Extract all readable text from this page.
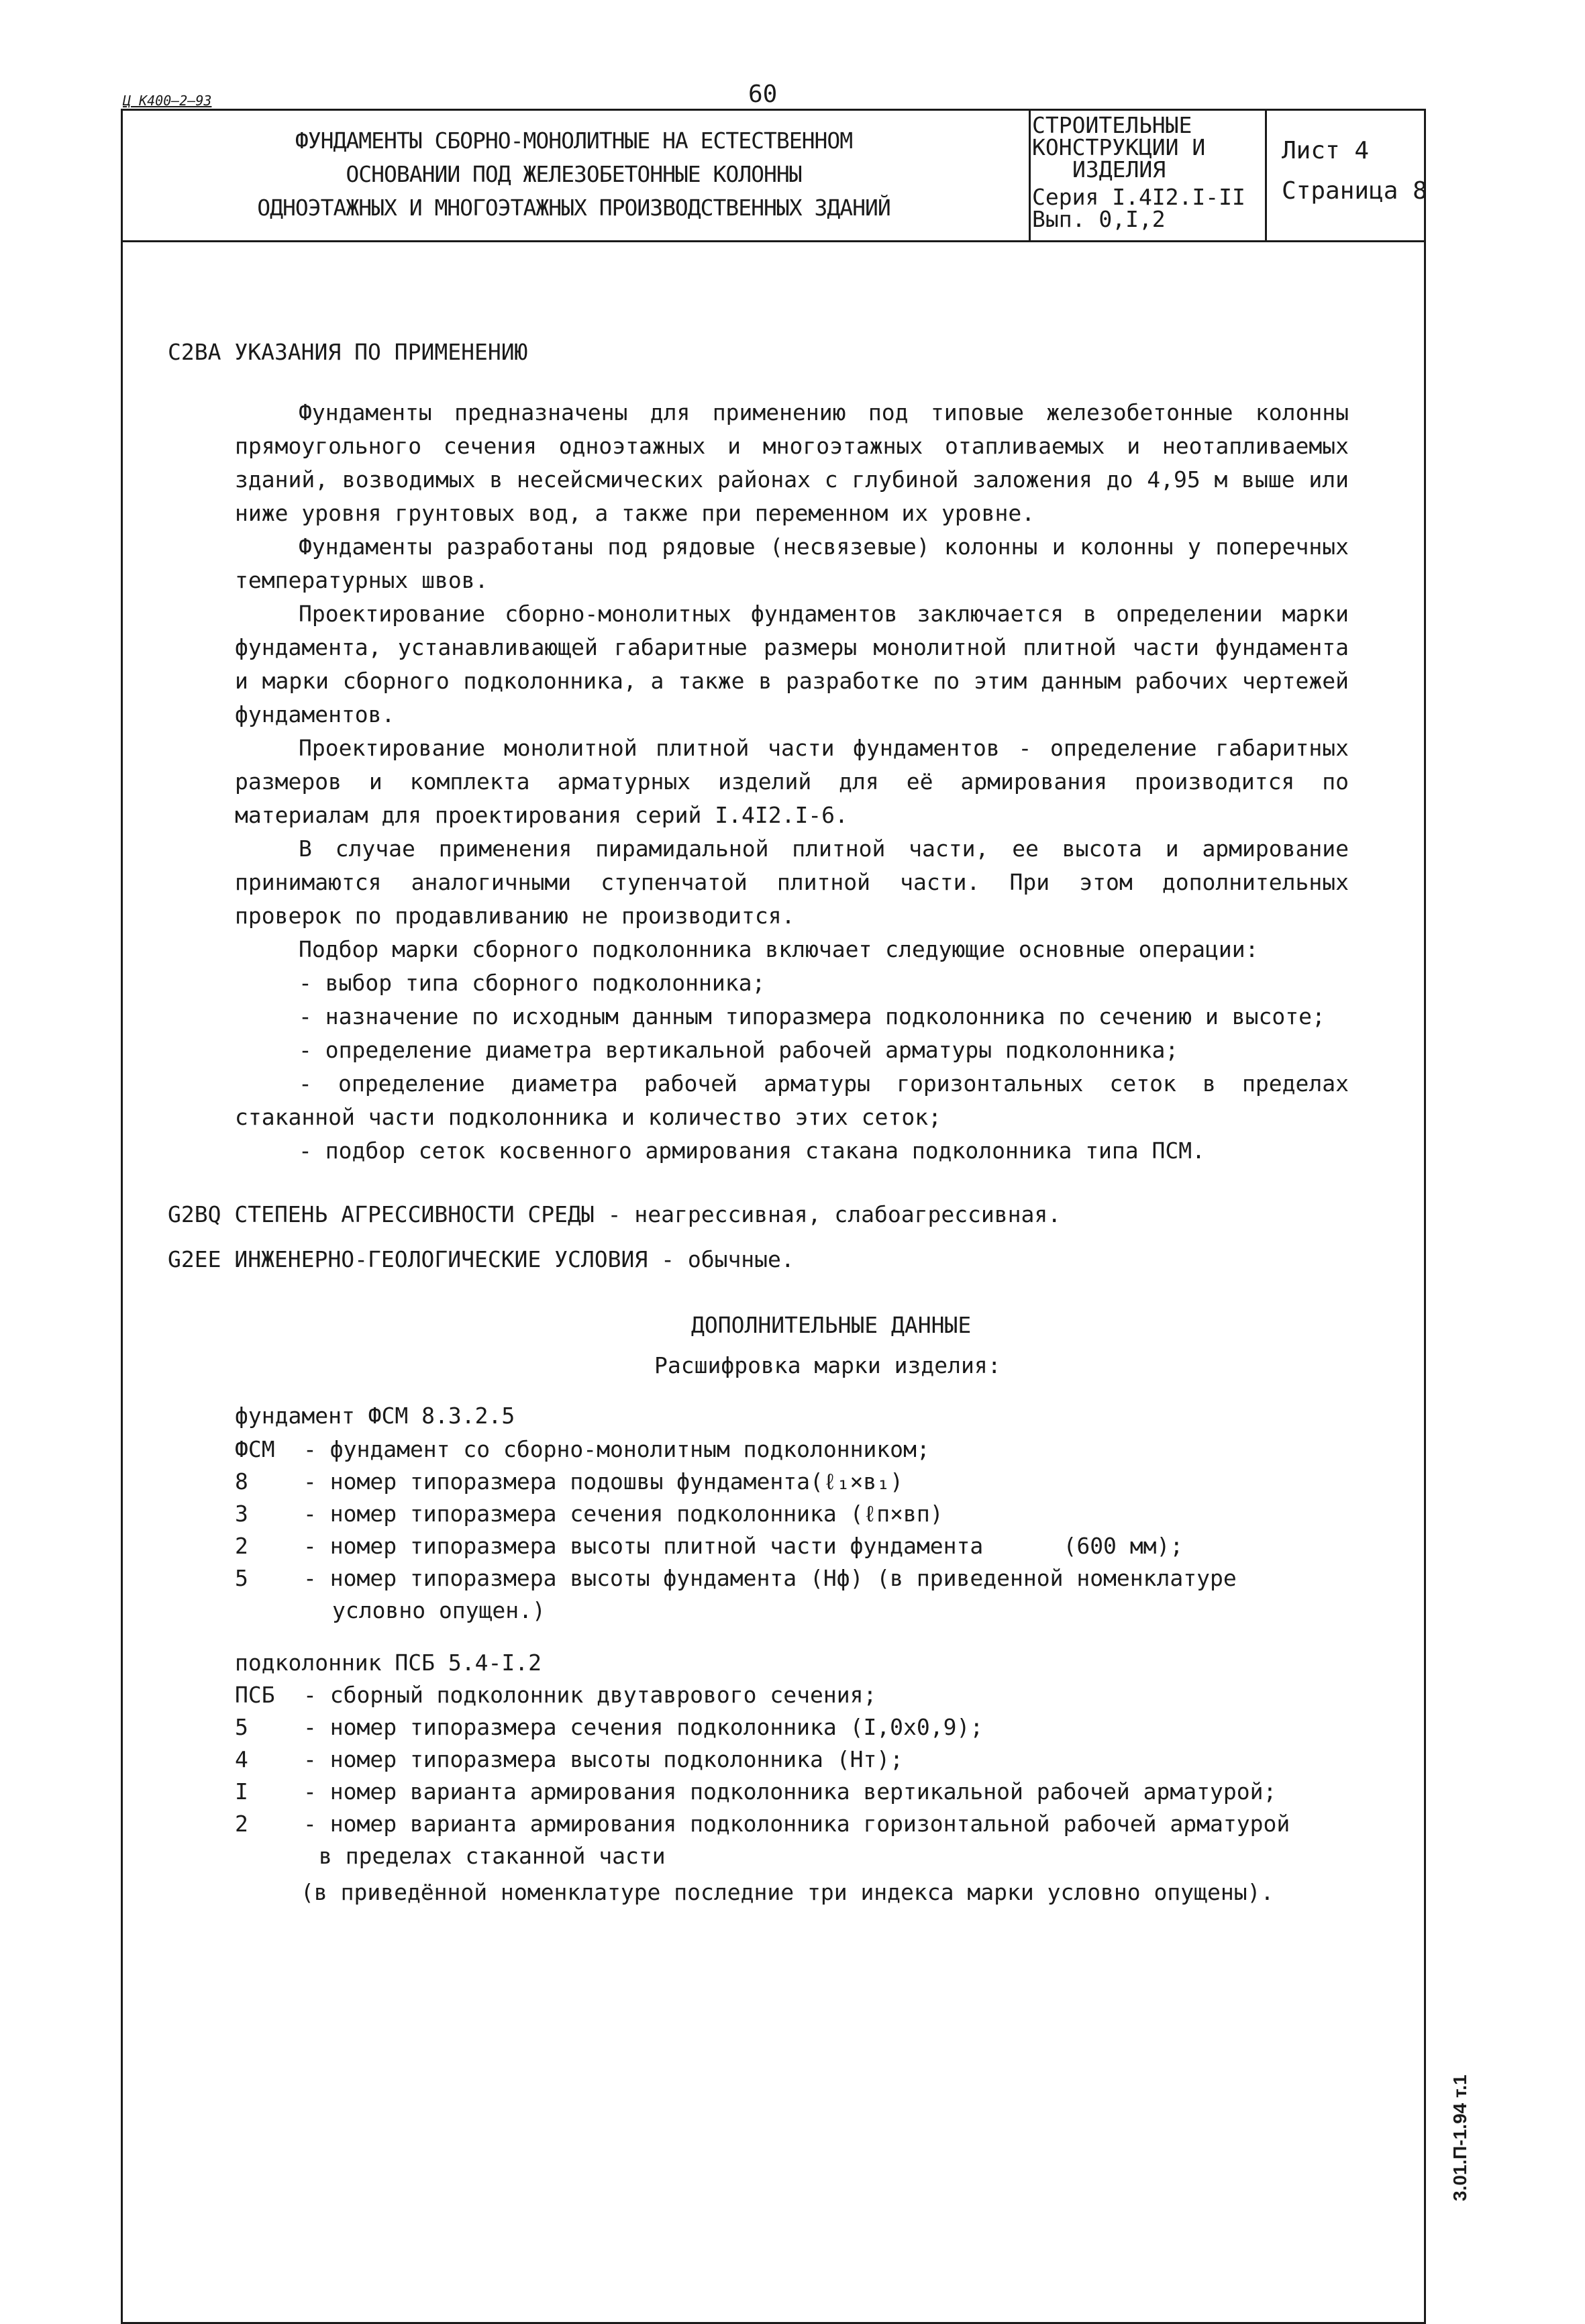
Ц К400—2—93	60
ФУНДАМЕНТЫ СБОРНО-МОНОЛИТНЫЕ НА ЕСТЕСТВЕННОМ
ОСНОВАНИИ ПОД ЖЕЛЕЗОБЕТОННЫЕ КОЛОННЫ
ОДНОЭТАЖНЫХ И МНОГОЭТАЖНЫХ ПРОИЗВОДСТВЕННЫХ ЗДАНИЙ
СТРОИТЕЛЬНЫЕ
КОНСТРУКЦИИ И
ИЗДЕЛИЯ
Серия I.4I2.I-II
Вып. 0,I,2
Лист 4
Страница 8
C2BA УКАЗАНИЯ ПО ПРИМЕНЕНИЮ

Фундаменты предназначены для применению под типовые железобетонные колонны прямоугольного сечения одноэтажных и многоэтажных отапливаемых и неотапливаемых зданий, возводимых в несейсмических районах с глубиной заложения до 4,95 м выше или ниже уровня грунтовых вод, а также при переменном их уровне.

Фундаменты разработаны под рядовые (несвязевые) колонны и колонны у поперечных температурных швов.

Проектирование сборно-монолитных фундаментов заключается в определении марки фундамента, устанавливающей габаритные размеры монолитной плитной части фундамента и марки сборного подколонника, а также в разработке по этим данным рабочих чертежей фундаментов.

Проектирование монолитной плитной части фундаментов - определение габаритных размеров и комплекта арматурных изделий для её армирования производится по материалам для проектирования серий I.4I2.I-6.

В случае применения пирамидальной плитной части, ее высота и армирование принимаются аналогичными ступенчатой плитной части. При этом дополнительных проверок по продавливанию не производится.

Подбор марки сборного подколонника включает следующие основные операции:

- выбор типа сборного подколонника;

- назначение по исходным данным типоразмера подколонника по сечению и высоте;

- определение диаметра вертикальной рабочей арматуры подколонника;

- определение диаметра рабочей арматуры горизонтальных сеток в пределах стаканной части подколонника и количество этих сеток;

- подбор сеток косвенного армирования стакана подколонника типа ПСМ.

G2BQ СТЕПЕНЬ АГРЕССИВНОСТИ СРЕДЫ - неагрессивная, слабоагрессивная.
G2EE ИНЖЕНЕРНО-ГЕОЛОГИЧЕСКИЕ УСЛОВИЯ - обычные.
ДОПОЛНИТЕЛЬНЫЕ ДАННЫЕ
Расшифровка марки изделия:
фундамент ФСМ 8.3.2.5
ФСМ - фундамент со сборно-монолитным подколонником;
8 - номер типоразмера подошвы фундамента(ℓ₁×в₁)
3 - номер типоразмера сечения подколонника (ℓп×вп)
2 - номер типоразмера высоты плитной части фундамента      (600 мм);
5 - номер типоразмера высоты фундамента (Нф) (в приведенной номенклатуре
условно опущен.)
подколонник ПСБ 5.4-I.2
ПСБ - сборный подколонник двутаврового сечения;
5 - номер типоразмера сечения подколонника (I,0x0,9);
4 - номер типоразмера высоты подколонника (Нт);
I - номер варианта армирования подколонника вертикальной рабочей арматурой;
2 - номер варианта армирования подколонника горизонтальной рабочей арматурой
в пределах стаканной части
(в приведённой номенклатуре последние три индекса марки условно опущены).
3.01.П-1.94 т.1
